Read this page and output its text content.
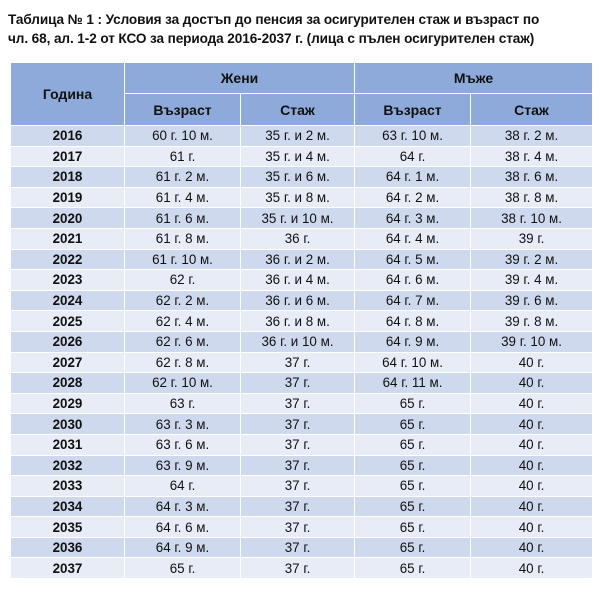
Таблица № 1 : Условия за достъп до пенсия за осигурителен стаж и възраст по
чл. 68, ал. 1-2 от КСО за периода 2016-2037 г. (лица с пълен осигурителен стаж)
Година	Жени		Мъже	
	Възраст	Стаж	Възраст	Стаж
2016	60 г. 10 м.	35 г. и 2 м.	63 г. 10 м.	38 г. 2 м.
2017	61 г.	35 г. и 4 м.	64 г.	38 г. 4 м.
2018	61 г. 2 м.	35 г. и 6 м.	64 г. 1 м.	38 г. 6 м.
2019	61 г. 4 м.	35 г. и 8 м.	64 г. 2 м.	38 г. 8 м.
2020	61 г. 6 м.	35 г. и 10 м.	64 г. 3 м.	38 г. 10 м.
2021	61 г. 8 м.	36 г.	64 г. 4 м.	39 г.
2022	61 г. 10 м.	36 г. и 2 м.	64 г. 5 м.	39 г. 2 м.
2023	62 г.	36 г. и 4 м.	64 г. 6 м.	39 г. 4 м.
2024	62 г. 2 м.	36 г. и 6 м.	64 г. 7 м.	39 г. 6 м.
2025	62 г. 4 м.	36 г. и 8 м.	64 г. 8 м.	39 г. 8 м.
2026	62 г. 6 м.	36 г. и 10 м.	64 г. 9 м.	39 г. 10 м.
2027	62 г. 8 м.	37 г.	64 г. 10 м.	40 г.
2028	62 г. 10 м.	37 г.	64 г. 11 м.	40 г.
2029	63 г.	37 г.	65 г.	40 г.
2030	63 г. 3 м.	37 г.	65 г.	40 г.
2031	63 г. 6 м.	37 г.	65 г.	40 г.
2032	63 г. 9 м.	37 г.	65 г.	40 г.
2033	64 г.	37 г.	65 г.	40 г.
2034	64 г. 3 м.	37 г.	65 г.	40 г.
2035	64 г. 6 м.	37 г.	65 г.	40 г.
2036	64 г. 9 м.	37 г.	65 г.	40 г.
2037	65 г.	37 г.	65 г.	40 г.
